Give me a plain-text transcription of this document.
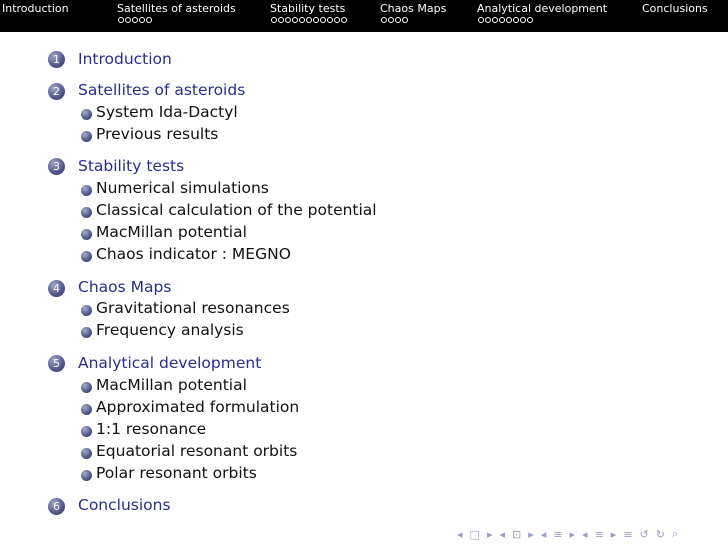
Introduction	Satellites of asteroids	Stability tests	Chaos Maps	Analytical development	Conclusions
1	Introduction
2	Satellites of asteroids
System Ida-Dactyl
Previous results
3	Stability tests
Numerical simulations
Classical calculation of the potential
MacMillan potential
Chaos indicator : MEGNO
4	Chaos Maps
Gravitational resonances
Frequency analysis
5	Analytical development
MacMillan potential
Approximated formulation
1:1 resonance
Equatorial resonant orbits
Polar resonant orbits
6	Conclusions
◂ □ ▸ ◂ ⊡ ▸ ◂ ≡ ▸ ◂ ≡ ▸ ≡ ↺ ↻ ⌕
